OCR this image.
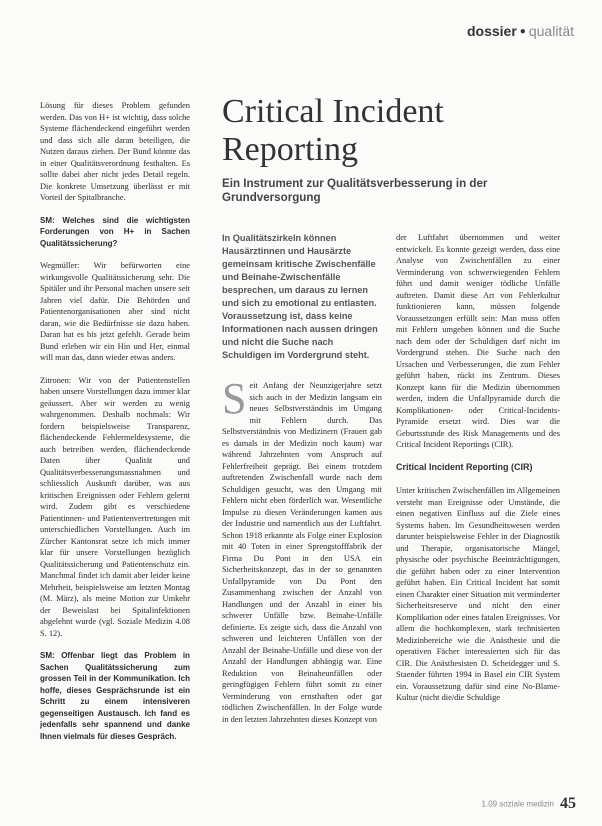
dossier ● qualität

Lösung für dieses Problem gefunden werden. Das von H+ ist wichtig, dass solche Systeme flächendeckend eingeführt werden und dass sich alle daran beteiligen, die Nutzen daraus ziehen. Der Bund könnte das in einer Qualitätsverordnung festhalten. Es sollte dabei aber nicht jedes Detail regeln. Die konkrete Umsetzung überlässt er mit Vorteil der Spitalbranche.

SM: Welches sind die wichtigsten Forderungen von H+ in Sachen Qualitätssicherung?

Wegmüller: Wir befürworten eine wirkungsvolle Qualitätssicherung sehr. Die Spitäler und ihr Personal machen unsere seit Jahren viel dafür. Die Behörden und Patientenorganisationen aber sind nicht daran, wie die Bedürfnisse sie dazu haben. Daran hat es bis jetzt gefehlt. Gerade beim Bund erleben wir ein Hin und Her, einmal will man das, dann wieder etwas anders.

Zitronen: Wir von der Patientenstellen haben unsere Vorstellungen dazu immer klar geäussert. Aber wir werden zu wenig wahrgenommen. Deshalb nochmals: Wir fordern beispielsweise Transparenz, flächendeckende Fehlermeldesysteme, die auch betreiben werden, flächendeckende Daten über Qualität und Qualitätsverbesserungsmassnahmen und schliesslich Auskunft darüber, was aus kritischen Ereignissen oder Fehlern gelernt wird. Zudem gibt es verschiedene Patientinnen- und Patientenvertretungen mit unterschiedlichen Vorstellungen. Auch im Zürcher Kantonsrat setze ich mich immer klar für unsere Vorstellungen bezüglich Qualitätssicherung und Patientenschutz ein. Manchmal findet ich damit aber leider keine Mehrheit, beispielsweise am letzten Montag (M. März), als meine Motion zur Umkehr der Beweislast bei Spitalinfektionen abgelehnt wurde (vgl. Soziale Medizin 4.08 S. 12).

SM: Offenbar liegt das Problem in Sachen Qualitätssicherung zum grossen Teil in der Kommunikation. Ich hoffe, dieses Gesprächsrunde ist ein Schritt zu einem intensiveren gegenseitigen Austausch. Ich fand es jedenfalls sehr spannend und danke Ihnen vielmals für dieses Gespräch.

Critical Incident Reporting
Ein Instrument zur Qualitätsverbesserung in der Grundversorgung

In Qualitätszirkeln können Hausärztinnen und Hausärzte gemeinsam kritische Zwischenfälle und Beinahe-Zwischenfälle besprechen, um daraus zu lernen und sich zu emotional zu entlasten. Voraussetzung ist, dass keine Informationen nach aussen dringen und nicht die Suche nach Schuldigen im Vordergrund steht.

Seit Anfang der Neunzigerjahre setzt sich auch in der Medizin langsam ein neues Selbstverständnis im Umgang mit Fehlern durch. Das Selbstverständnis von Medizinern (Frauen gab es damals in der Medizin noch kaum) war während Jahrzehnten vom Anspruch auf Fehlerfreiheit geprägt. Bei einem trotzdem auftretenden Zwischenfall wurde nach dem Schuldigen gesucht, was den Umgang mit Fehlern nicht eben förderlich war. Wesentliche Impulse zu diesen Veränderungen kamen aus der Industrie und namentlich aus der Luftfahrt. Schon 1918 erkannte als Folge einer Explosion mit 40 Toten in einer Sprengstofffabrik der Firma Du Pont in den USA ein Sicherheitskonzept, das in der so genannten Unfallpyramide von Du Pont den Zusammenhang zwischen der Anzahl von Handlungen und der Anzahl in einer bis schwerer Unfälle bzw. Beinahe-Unfälle definierte. Es zeigte sich, dass die Anzahl von schweren und leichteren Unfällen von der Anzahl der Beinahe-Unfälle und diese von der Anzahl der Handlungen abhängig war. Eine Reduktion von Beinaheunfällen oder geringfügigen Fehlern führt somit zu einer Verminderung von ernsthaften oder gar tödlichen Zwischenfällen. In der Folge wurde in den letzten Jahrzehnten dieses Konzept von

der Luftfahrt übernommen und weiter entwickelt. Es konnte gezeigt werden, dass eine Analyse von Zwischenfällen zu einer Verminderung von schwerwiegenden Fehlern führt und damit weniger tödliche Unfälle auftreten. Damit diese Art von Fehlerkultur funktionieren kann, müssen folgende Voraussetzungen erfüllt sein: Man muss offen mit Fehlern umgehen können und die Suche nach dem oder der Schuldigen darf nicht im Vordergrund stehen. Die Suche nach den Ursachen und Verbesserungen, die zum Fehler geführt haben, rückt ins Zentrum. Dieses Konzept kann für die Medizin übernommen werden, indem die Unfallpyramide durch die Komplikationen- oder Critical-Incidents-Pyramide ersetzt wird. Dies war die Geburtsstunde des Risk Managements und des Critical Incident Reportings (CIR).

Critical Incident Reporting (CIR)

Unter kritischen Zwischenfällen im Allgemeinen versteht man Ereignisse oder Umstände, die einen negativen Einfluss auf die Ziele eines Systems haben. Im Gesundheitswesen werden darunter beispielsweise Fehler in der Diagnostik und Therapie, organisatorische Mängel, physische oder psychische Beeinträchtigungen, die geführt haben oder zu einer Intervention geführt haben. Ein Critical Incident hat somit einen Charakter einer Situation mit verminderter Sicherheitsreserve und nicht den einer Komplikation oder eines fatalen Ereignisses. Vor allem die hochkomplexen, stark technisierten Medizinbereiche wie die Anästhesie und die operativen Fächer interessierten sich für das CIR. Die Anästhesisten D. Scheidegger und S. Staender führten 1994 in Basel ein CIR System ein. Voraussetzung dafür sind eine No-Blame-Kultur (nicht die/die Schuldige

1.09 soziale medizin 45
